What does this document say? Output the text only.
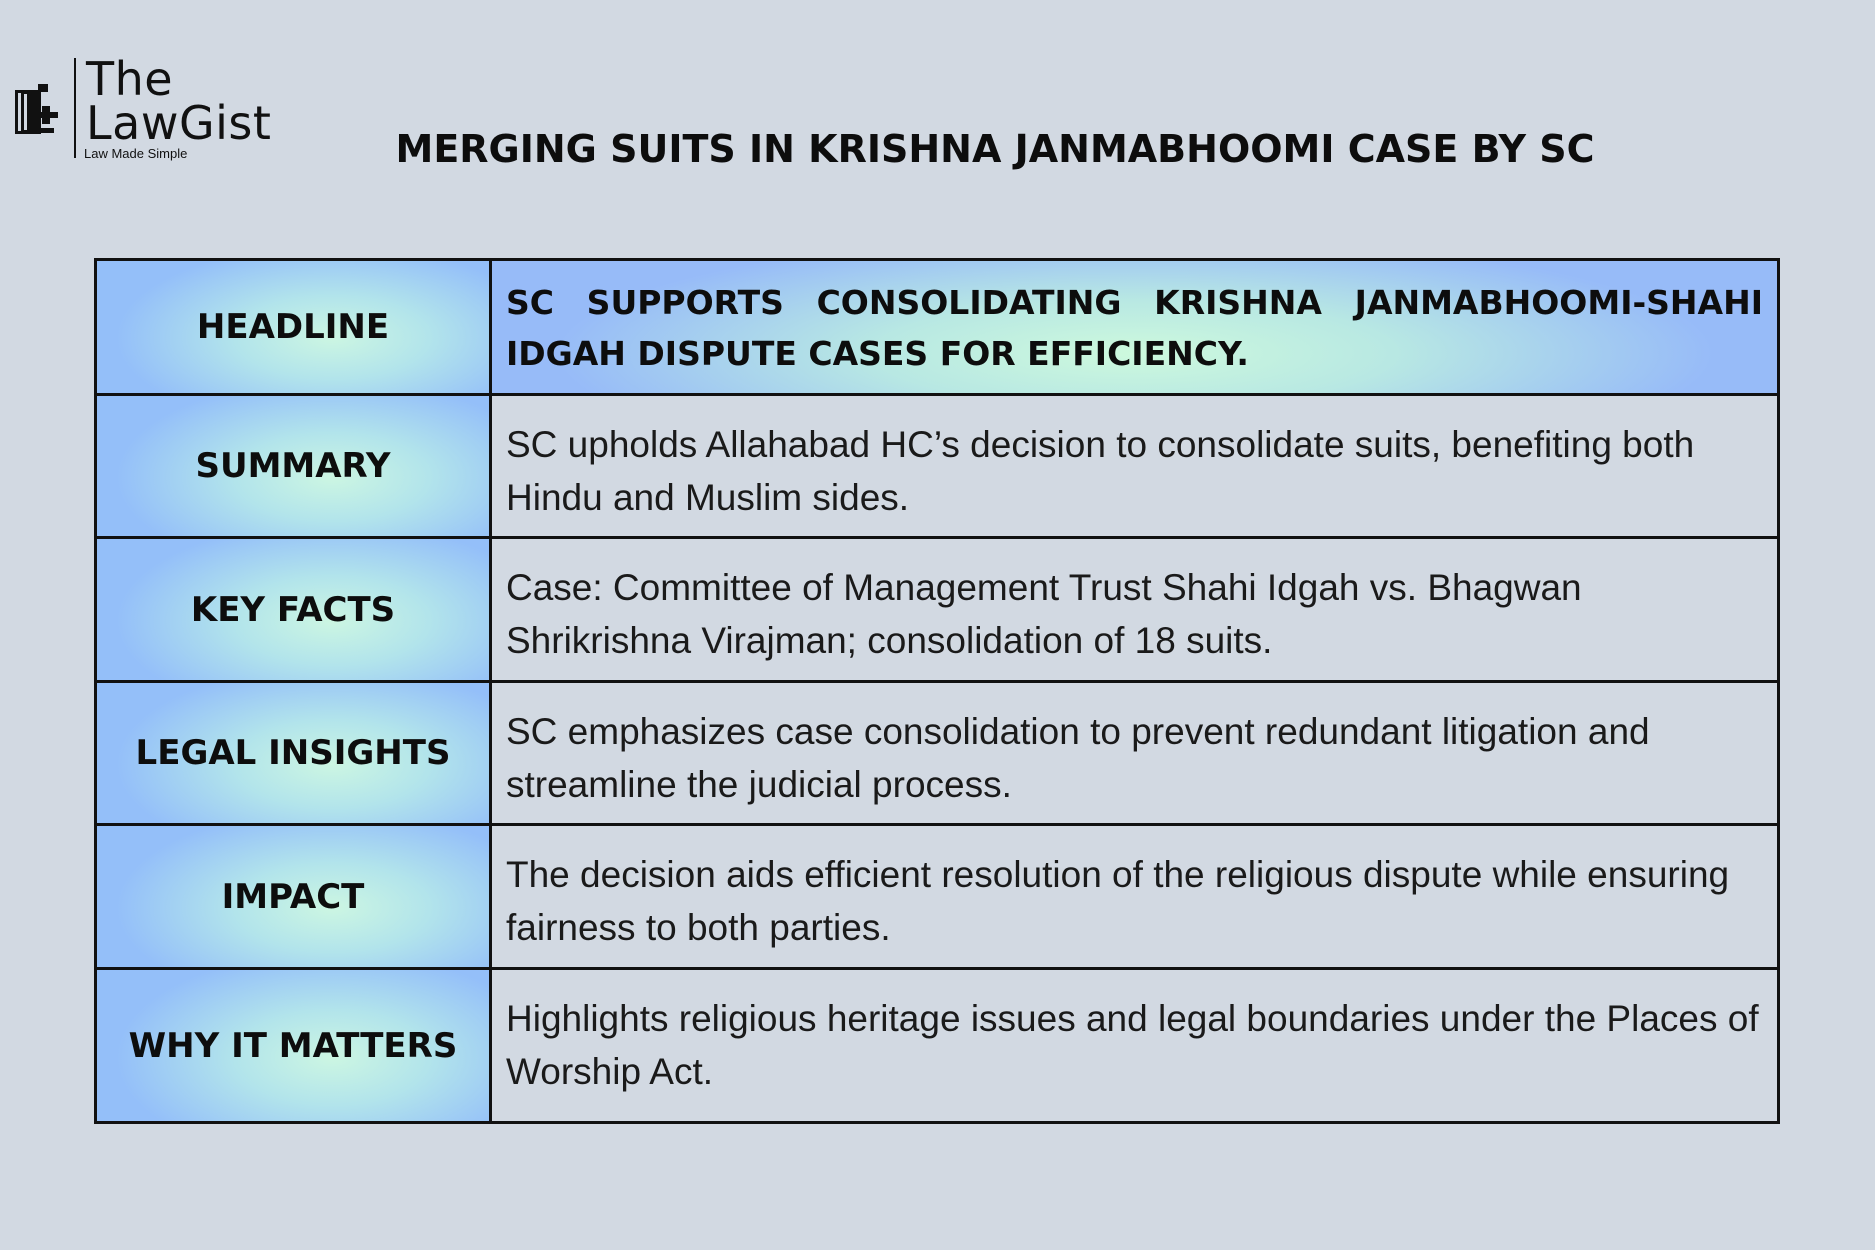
The
LawGist
Law Made Simple	MERGING SUITS IN KRISHNA JANMABHOOMI CASE BY SC
HEADLINE
SC SUPPORTS CONSOLIDATING KRISHNA JANMABHOOMI-SHAHI IDGAH DISPUTE CASES FOR EFFICIENCY.
SUMMARY
SC upholds Allahabad HC’s decision to consolidate suits, benefiting both Hindu and Muslim sides.
KEY FACTS
Case: Committee of Management Trust Shahi Idgah vs. Bhagwan Shrikrishna Virajman; consolidation of 18 suits.
LEGAL INSIGHTS
SC emphasizes case consolidation to prevent redundant litigation and streamline the judicial process.
IMPACT
The decision aids efficient resolution of the religious dispute while ensuring fairness to both parties.
WHY IT MATTERS
Highlights religious heritage issues and legal boundaries under the Places of Worship Act.
